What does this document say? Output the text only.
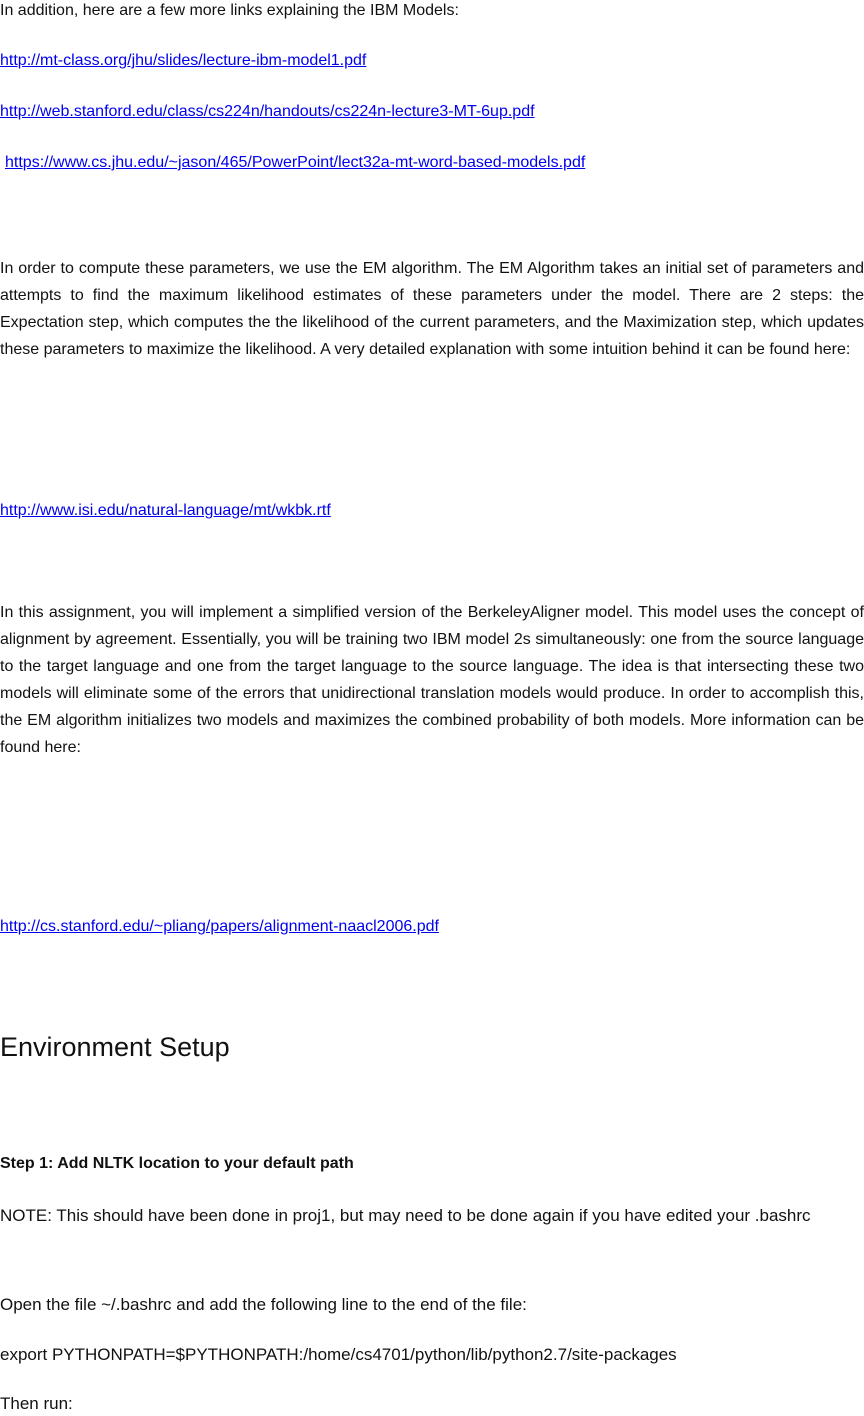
In addition, here are a few more links explaining the IBM Models:

http://mt-class.org/jhu/slides/lecture-ibm-model1.pdf
http://web.stanford.edu/class/cs224n/handouts/cs224n-lecture3-MT-6up.pdf
https://www.cs.jhu.edu/~jason/465/PowerPoint/lect32a-mt-word-based-models.pdf

In order to compute these parameters, we use the EM algorithm. The EM Algorithm takes an initial set of parameters and attempts to find the maximum likelihood estimates of these parameters under the model. There are 2 steps: the Expectation step, which computes the the likelihood of the current parameters, and the Maximization step, which updates these parameters to maximize the likelihood. A very detailed explanation with some intuition behind it can be found here:

http://www.isi.edu/natural-language/mt/wkbk.rtf

In this assignment, you will implement a simplified version of the BerkeleyAligner model. This model uses the concept of alignment by agreement. Essentially, you will be training two IBM model 2s simultaneously: one from the source language to the target language and one from the target language to the source language. The idea is that intersecting these two models will eliminate some of the errors that unidirectional translation models would produce. In order to accomplish this, the EM algorithm initializes two models and maximizes the combined probability of both models. More information can be found here:

http://cs.stanford.edu/~pliang/papers/alignment-naacl2006.pdf
Environment Setup
Step 1: Add NLTK location to your default path

NOTE: This should have been done in proj1, but may need to be done again if you have edited your .bashrc

Open the file ~/.bashrc and add the following line to the end of the file:
export PYTHONPATH=$PYTHONPATH:/home/cs4701/python/lib/python2.7/site-packages
Then run:
